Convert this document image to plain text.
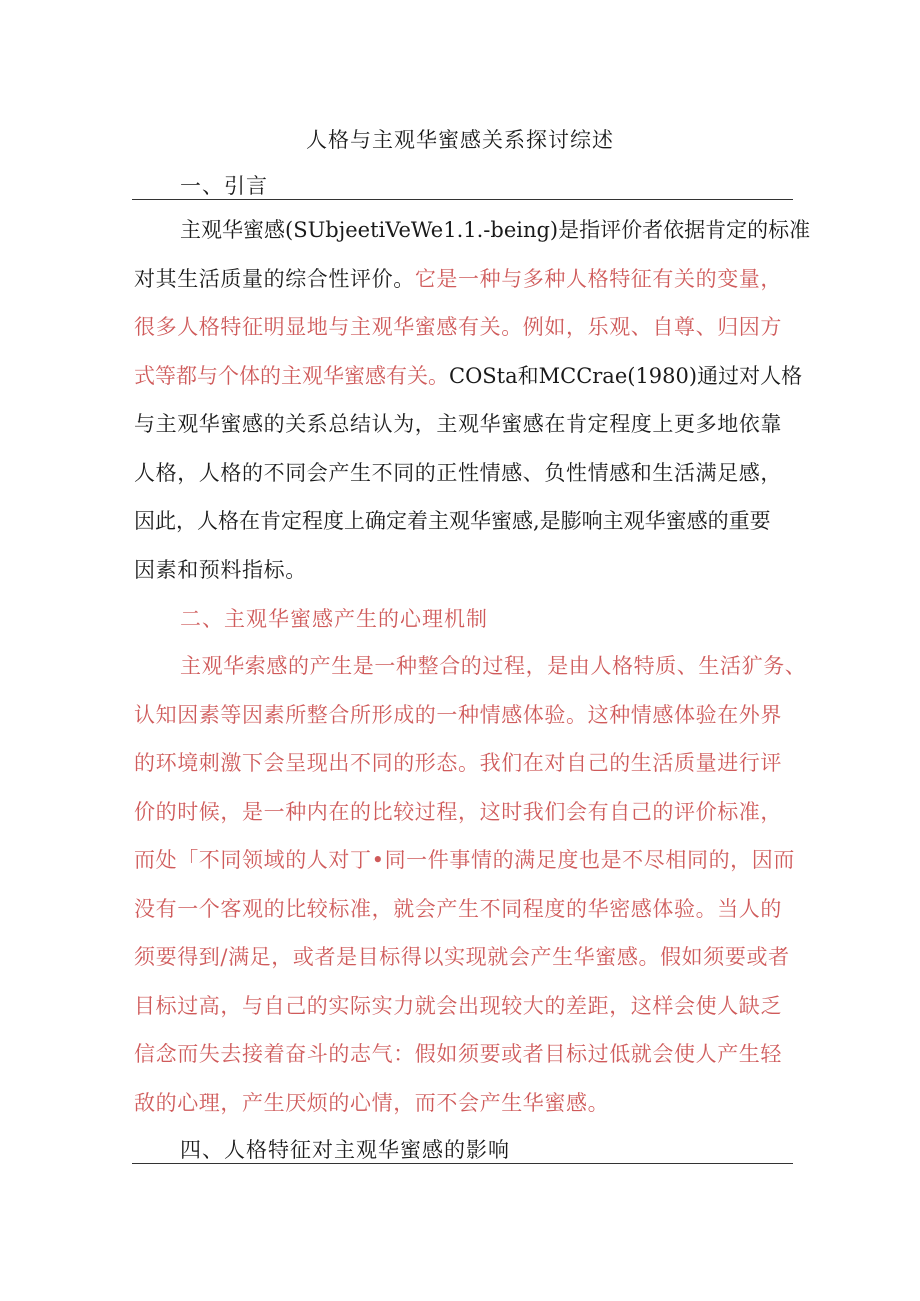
人格与主观华蜜感关系探讨综述
一、引言
主观华蜜感(SUbjeetiVeWe1.1.-being)是指评价者依据肯定的标准
对其生活质量的综合性评价。它是一种与多种人格特征有关的变量，
很多人格特征明显地与主观华蜜感有关。例如，乐观、自尊、归因方
式等都与个体的主观华蜜感有关。COSta和MCCrae(1980)通过对人格
与主观华蜜感的关系总结认为，主观华蜜感在肯定程度上更多地依靠
人格，人格的不同会产生不同的正性情感、负性情感和生活满足感，
因此，人格在肯定程度上确定着主观华蜜感,是膨响主观华蜜感的重要
因素和预料指标。
二、主观华蜜感产生的心理机制
主观华索感的产生是一种整合的过程，是由人格特质、生活犷务、
认知因素等因素所整合所形成的一种情感体验。这种情感体验在外界
的环境刺激下会呈现出不同的形态。我们在对自己的生活质量进行评
价的时候，是一种内在的比较过程，这时我们会有自己的评价标准，
而处「不同领域的人对丁•同一件事情的满足度也是不尽相同的，因而
没有一个客观的比较标准，就会产生不同程度的华密感体验。当人的
须要得到/满足，或者是目标得以实现就会产生华蜜感。假如须要或者
目标过高，与自己的实际实力就会出现较大的差距，这样会使人缺乏
信念而失去接着奋斗的志气：假如须要或者目标过低就会使人产生轻
敌的心理，产生厌烦的心情，而不会产生华蜜感。
四、人格特征对主观华蜜感的影响
